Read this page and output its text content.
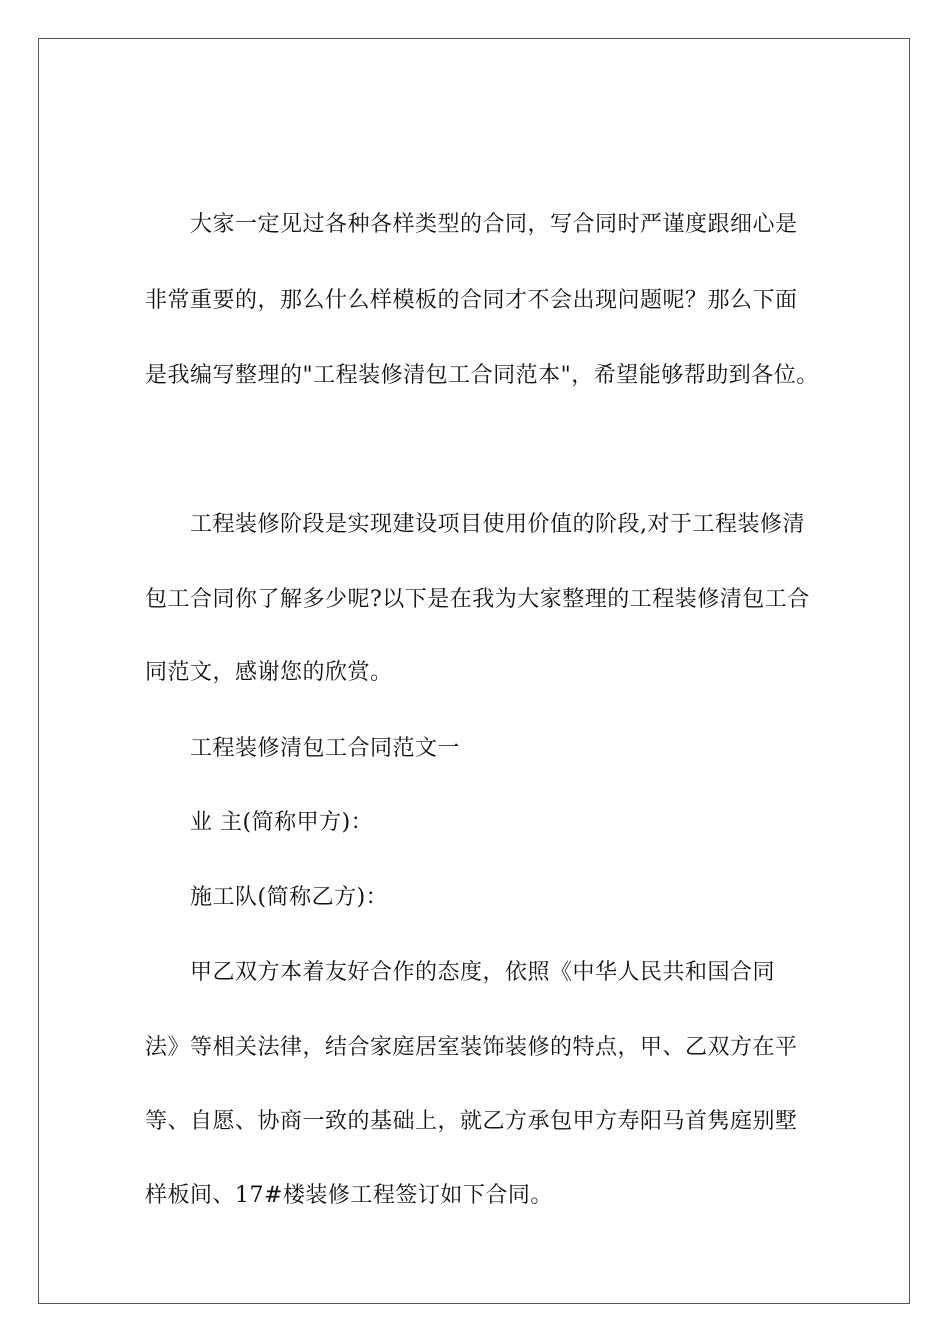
大家一定见过各种各样类型的合同，写合同时严谨度跟细心是
非常重要的，那么什么样模板的合同才不会出现问题呢？那么下面
是我编写整理的"工程装修清包工合同范本"，希望能够帮助到各位。
工程装修阶段是实现建设项目使用价值的阶段,对于工程装修清
包工合同你了解多少呢?以下是在我为大家整理的工程装修清包工合
同范文，感谢您的欣赏。
工程装修清包工合同范文一
业 主(简称甲方)：
施工队(简称乙方)：
甲乙双方本着友好合作的态度，依照《中华人民共和国合同
法》等相关法律，结合家庭居室装饰装修的特点，甲、乙双方在平
等、自愿、协商一致的基础上，就乙方承包甲方寿阳马首隽庭别墅
样板间、17#楼装修工程签订如下合同。
